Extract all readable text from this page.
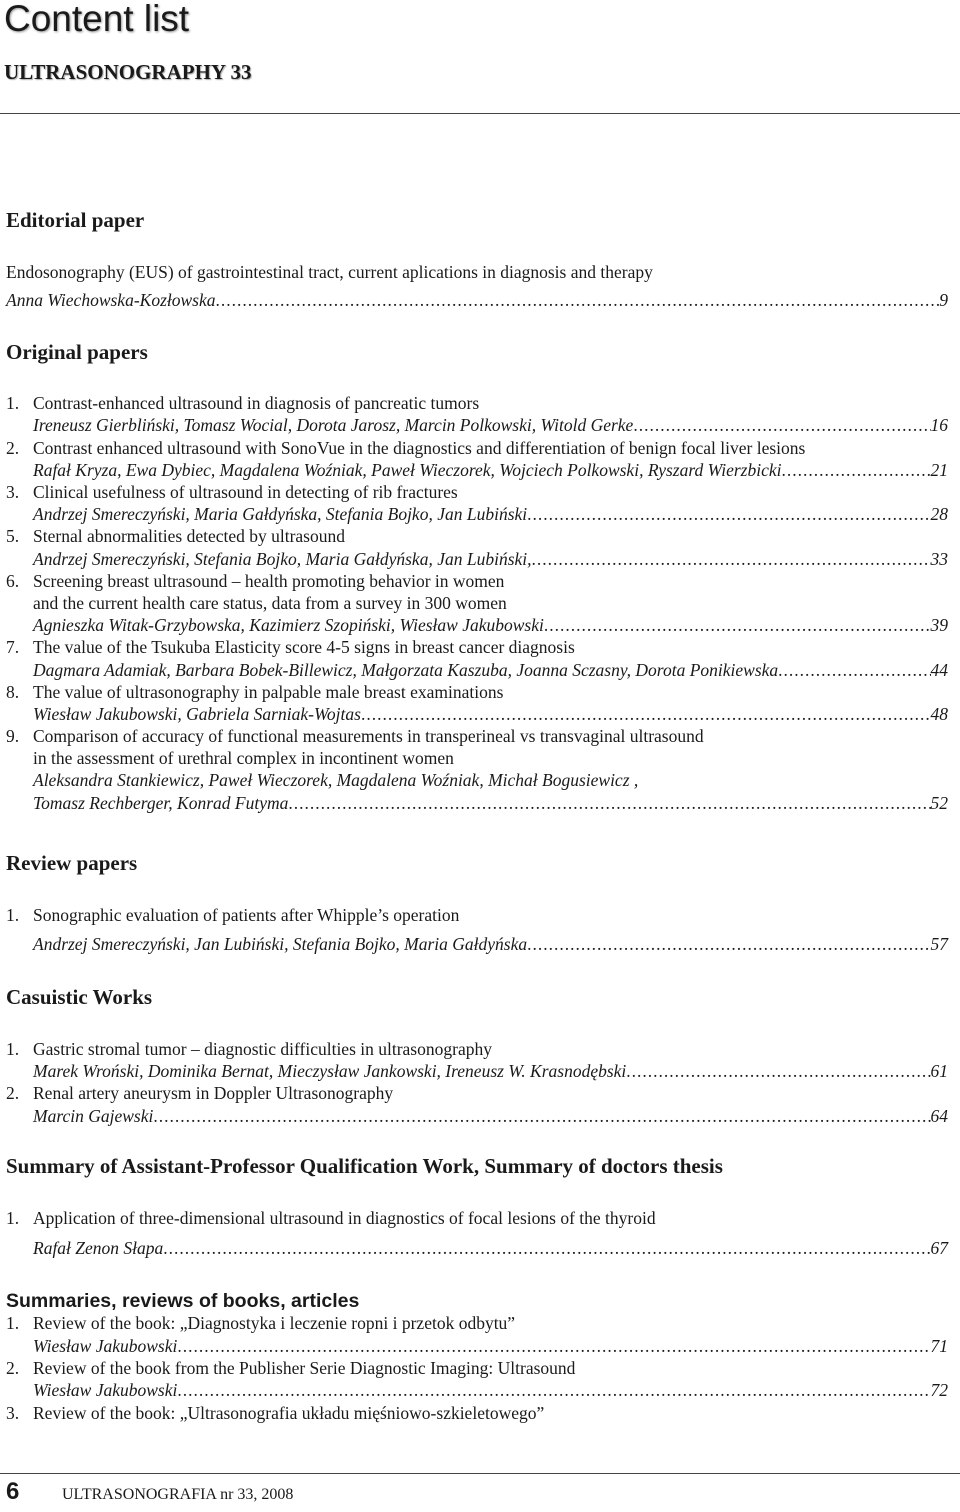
Content list
ULTRASONOGRAPHY 33
Editorial paper
Endosonography (EUS) of gastrointestinal tract, current aplications in diagnosis and therapy
Anna Wiechowska-Kozłowska .....	9
Original papers
1. Contrast-enhanced ultrasound in diagnosis of pancreatic tumors
Ireneusz Gierbliński, Tomasz Wocial, Dorota Jarosz, Marcin Polkowski, Witold Gerke .....	16
2. Contrast enhanced ultrasound with SonoVue in the diagnostics and differentiation of benign focal liver lesions
Rafał Kryza, Ewa Dybiec, Magdalena Woźniak, Paweł Wieczorek, Wojciech Polkowski, Ryszard Wierzbicki .....	21
3. Clinical usefulness of ultrasound in detecting of rib fractures
Andrzej Smereczyński, Maria Gałdyńska, Stefania Bojko, Jan Lubiński .....	28
5. Sternal abnormalities detected by ultrasound
Andrzej Smereczyński, Stefania Bojko, Maria Gałdyńska, Jan Lubiński, .....	33
6. Screening breast ultrasound – health promoting behavior in women
and the current health care status, data from a survey in 300 women
Agnieszka Witak-Grzybowska, Kazimierz Szopiński, Wiesław Jakubowski .....	39
7. The value of the Tsukuba Elasticity score 4-5 signs in breast cancer diagnosis
Dagmara Adamiak, Barbara Bobek-Billewicz, Małgorzata Kaszuba, Joanna Sczasny, Dorota Ponikiewska .....	44
8. The value of ultrasonography in palpable male breast examinations
Wiesław Jakubowski, Gabriela Sarniak-Wojtas .....	48
9. Comparison of accuracy of functional measurements in transperineal vs transvaginal ultrasound
in the assessment of urethral complex in incontinent women
Aleksandra Stankiewicz, Paweł Wieczorek, Magdalena Woźniak, Michał Bogusiewicz ,
Tomasz Rechberger, Konrad Futyma .....	52
Review papers
1. Sonographic evaluation of patients after Whipple’s operation
Andrzej Smereczyński, Jan Lubiński, Stefania Bojko, Maria Gałdyńska .....	57
Casuistic Works
1. Gastric stromal tumor – diagnostic difficulties in ultrasonography
Marek Wroński, Dominika Bernat, Mieczysław Jankowski, Ireneusz W. Krasnodębski .....	61
2. Renal artery aneurysm in Doppler Ultrasonography
Marcin Gajewski .....	64
Summary of Assistant-Professor Qualification Work, Summary of doctors thesis
1. Application of three-dimensional ultrasound in diagnostics of focal lesions of the thyroid
Rafał Zenon Słapa .....	67
Summaries, reviews of books, articles
1. Review of the book: „Diagnostyka i leczenie ropni i przetok odbytu”
Wiesław Jakubowski .....	71
2. Review of the book from the Publisher Serie Diagnostic Imaging: Ultrasound
Wiesław Jakubowski .....	72
3. Review of the book: „Ultrasonografia układu mięśniowo-szkieletowego”
6	ULTRASONOGRAFIA nr 33, 2008
